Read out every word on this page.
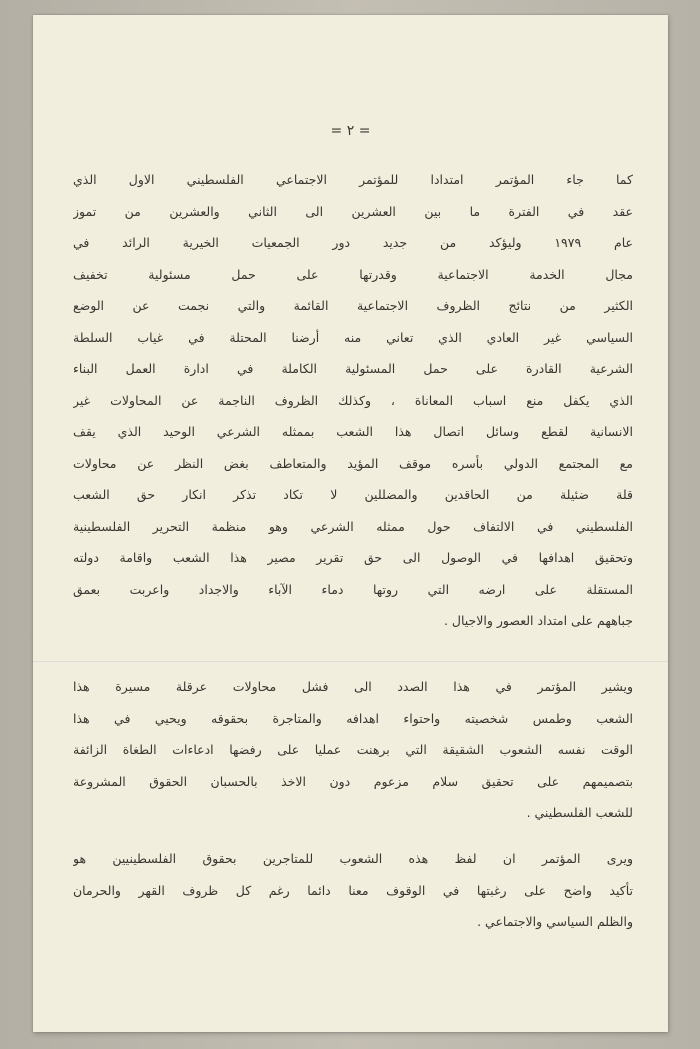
= ٢ =
كما جاء المؤتمر امتدادا للمؤتمر الاجتماعي الفلسطيني الاول الذي
عقد في الفترة ما بين العشرين الى الثاني والعشرين من تموز
عام ١٩٧٩ وليؤكد من جديد دور الجمعيات الخيرية الرائد في
مجال الخدمة الاجتماعية وقدرتها على حمل مسئولية تخفيف
الكثير من نتائج الظروف الاجتماعية القائمة والتي نجمت عن الوضع
السياسي غير العادي الذي تعاني منه أرضنا المحتلة في غياب السلطة
الشرعية القادرة على حمل المسئولية الكاملة في ادارة العمل البناء
الذي يكفل منع اسباب المعاناة ، وكذلك الظروف الناجمة عن المحاولات غير
الانسانية لقطع وسائل اتصال هذا الشعب بممثله الشرعي الوحيد الذي يقف
مع المجتمع الدولي بأسره موقف المؤيد والمتعاطف بغض النظر عن محاولات
قلة ضئيلة من الحاقدين والمضللين لا تكاد تذكر انكار حق الشعب
الفلسطيني في الالتفاف حول ممثله الشرعي وهو منظمة التحرير الفلسطينية
وتحقيق اهدافها في الوصول الى حق تقرير مصير هذا الشعب واقامة دولته
المستقلة على ارضه التي روتها دماء الآباء والاجداد واعربت بعمق
جباههم على امتداد العصور والاجيال .
ويشير المؤتمر في هذا الصدد الى فشل محاولات عرقلة مسيرة هذا
الشعب وطمس شخصيته واحتواء اهدافه والمتاجرة بحقوقه ويحيي في هذا
الوقت نفسه الشعوب الشقيقة التي برهنت عمليا على رفضها ادعاءات الطغاة الزائفة
بتصميمهم على تحقيق سلام مزعوم دون الاخذ بالحسبان الحقوق المشروعة
للشعب الفلسطيني .
ويرى المؤتمر ان لفظ هذه الشعوب للمتاجرين بحقوق الفلسطينيين هو
تأكيد واضح على رغبتها في الوقوف معنا دائما رغم كل ظروف القهر والحرمان
والظلم السياسي والاجتماعي .
